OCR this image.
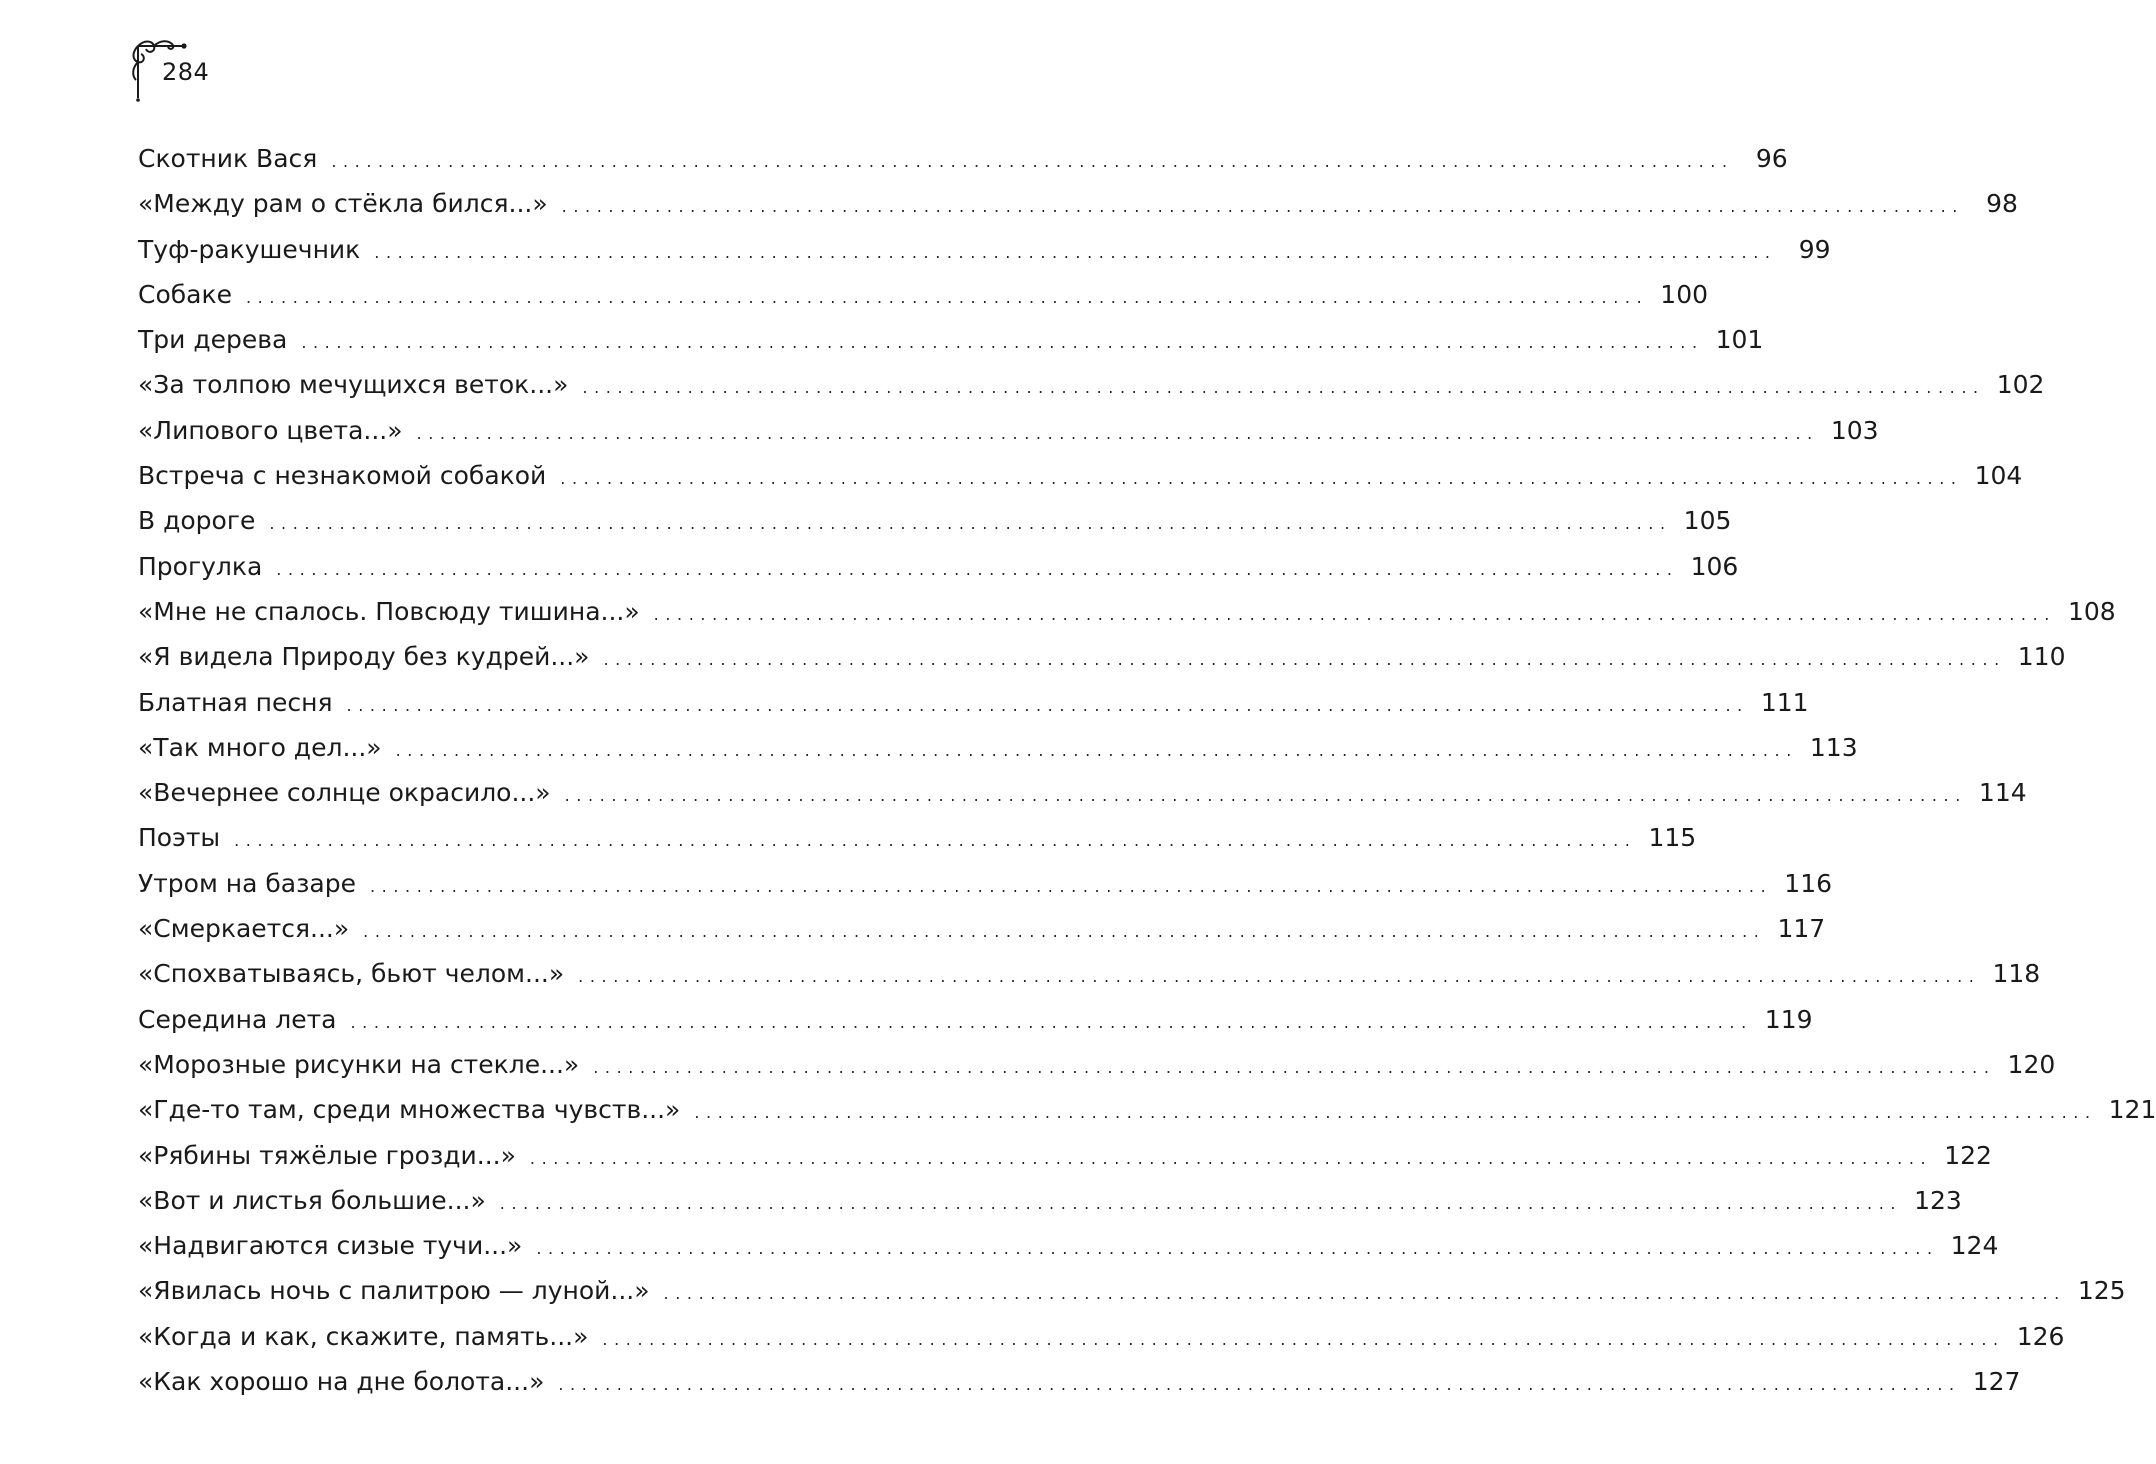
284
Скотник Вася ........................................................................................................................ 96
«Между рам о стёкла бился...» ........................................................................................................................ 98
Туф-ракушечник ........................................................................................................................ 99
Собаке ........................................................................................................................ 100
Три дерева ........................................................................................................................ 101
«За толпою мечущихся веток...» ........................................................................................................................ 102
«Липового цвета...» ........................................................................................................................ 103
Встреча с незнакомой собакой ........................................................................................................................ 104
В дороге ........................................................................................................................ 105
Прогулка ........................................................................................................................ 106
«Мне не спалось. Повсюду тишина...» ........................................................................................................................ 108
«Я видела Природу без кудрей...» ........................................................................................................................ 110
Блатная песня ........................................................................................................................ 111
«Так много дел...» ........................................................................................................................ 113
«Вечернее солнце окрасило...» ........................................................................................................................ 114
Поэты ........................................................................................................................ 115
Утром на базаре ........................................................................................................................ 116
«Смеркается...» ........................................................................................................................ 117
«Спохватываясь, бьют челом...» ........................................................................................................................ 118
Середина лета ........................................................................................................................ 119
«Морозные рисунки на стекле...» ........................................................................................................................ 120
«Где-то там, среди множества чувств...» ........................................................................................................................ 121
«Рябины тяжёлые грозди...» ........................................................................................................................ 122
«Вот и листья большие...» ........................................................................................................................ 123
«Надвигаются сизые тучи...» ........................................................................................................................ 124
«Явилась ночь с палитрою — луной...» ........................................................................................................................ 125
«Когда и как, скажите, память...» ........................................................................................................................ 126
«Как хорошо на дне болота...» ........................................................................................................................ 127
